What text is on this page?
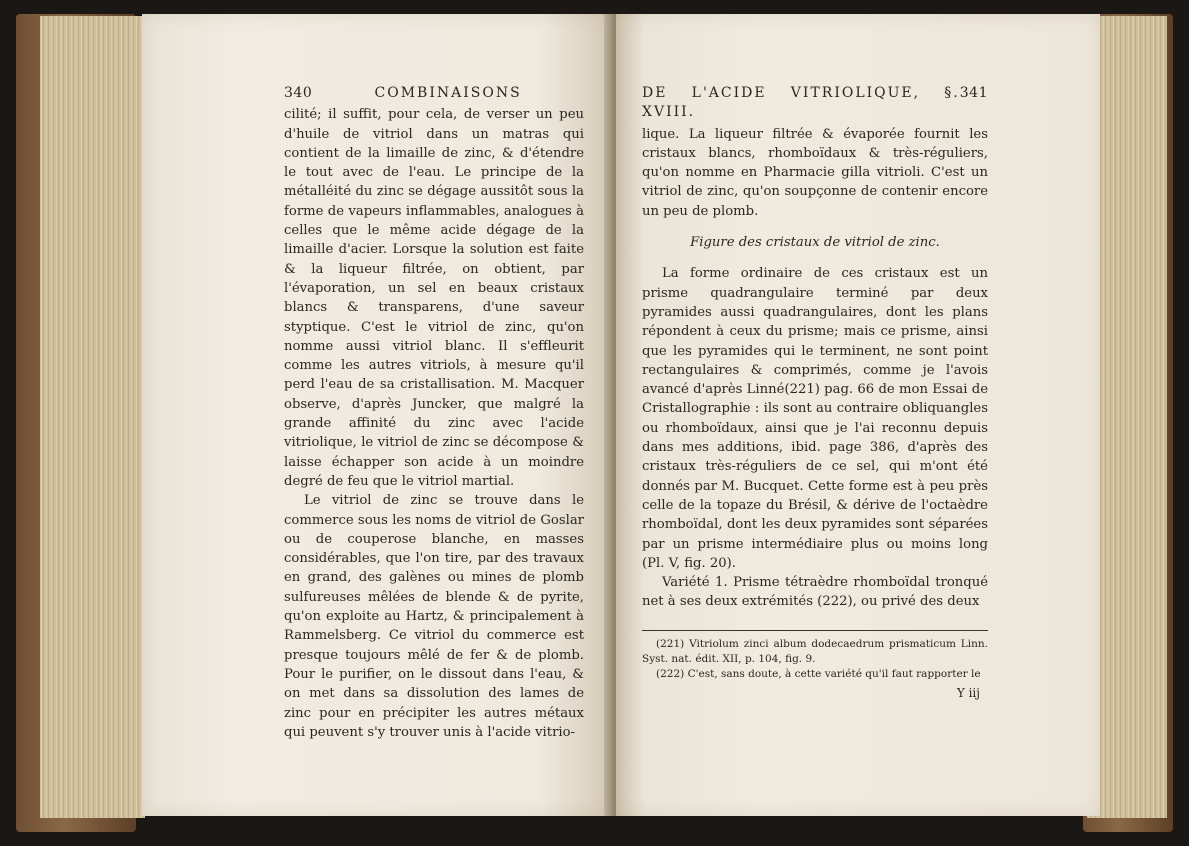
340	COMBINAISONS

cilité; il suffit, pour cela, de verser un peu d'huile de vitriol dans un matras qui contient de la limaille de zinc, & d'étendre le tout avec de l'eau. Le principe de la métalléité du zinc se dégage aussitôt sous la forme de vapeurs inflammables, analogues à celles que le même acide dégage de la limaille d'acier. Lorsque la solution est faite & la liqueur filtrée, on obtient, par l'évaporation, un sel en beaux cristaux blancs & transparens, d'une saveur styptique. C'est le vitriol de zinc, qu'on nomme aussi vitriol blanc. Il s'effleurit comme les autres vitriols, à mesure qu'il perd l'eau de sa cristallisation. M. Macquer observe, d'après Juncker, que malgré la grande affinité du zinc avec l'acide vitriolique, le vitriol de zinc se décompose & laisse échapper son acide à un moindre degré de feu que le vitriol martial.

Le vitriol de zinc se trouve dans le commerce sous les noms de vitriol de Goslar ou de couperose blanche, en masses considérables, que l'on tire, par des travaux en grand, des galènes ou mines de plomb sulfureuses mêlées de blende & de pyrite, qu'on exploite au Hartz, & principalement à Rammelsberg. Ce vitriol du commerce est presque toujours mêlé de fer & de plomb. Pour le purifier, on le dissout dans l'eau, & on met dans sa dissolution des lames de zinc pour en précipiter les autres métaux qui peuvent s'y trouver unis à l'acide vitrio-

DE L'ACIDE VITRIOLIQUE, §. XVIII.
341

lique. La liqueur filtrée & évaporée fournit les cristaux blancs, rhomboïdaux & très-réguliers, qu'on nomme en Pharmacie gilla vitrioli. C'est un vitriol de zinc, qu'on soupçonne de contenir encore un peu de plomb.

Figure des cristaux de vitriol de zinc.

La forme ordinaire de ces cristaux est un prisme quadrangulaire terminé par deux pyramides aussi quadrangulaires, dont les plans répondent à ceux du prisme; mais ce prisme, ainsi que les pyramides qui le terminent, ne sont point rectangulaires & comprimés, comme je l'avois avancé d'après Linné(221) pag. 66 de mon Essai de Cristallographie : ils sont au contraire obliquangles ou rhomboïdaux, ainsi que je l'ai reconnu depuis dans mes additions, ibid. page 386, d'après des cristaux très-réguliers de ce sel, qui m'ont été donnés par M. Bucquet. Cette forme est à peu près celle de la topaze du Brésil, & dérive de l'octaèdre rhomboïdal, dont les deux pyramides sont séparées par un prisme intermédiaire plus ou moins long (Pl. V, fig. 20).

Variété 1. Prisme tétraèdre rhomboïdal tronqué net à ses deux extrémités (222), ou privé des deux

(221) Vitriolum zinci album dodecaedrum prismaticum Linn. Syst. nat. édit. XII, p. 104, fig. 9.

(222) C'est, sans doute, à cette variété qu'il faut rapporter le

Y iij
